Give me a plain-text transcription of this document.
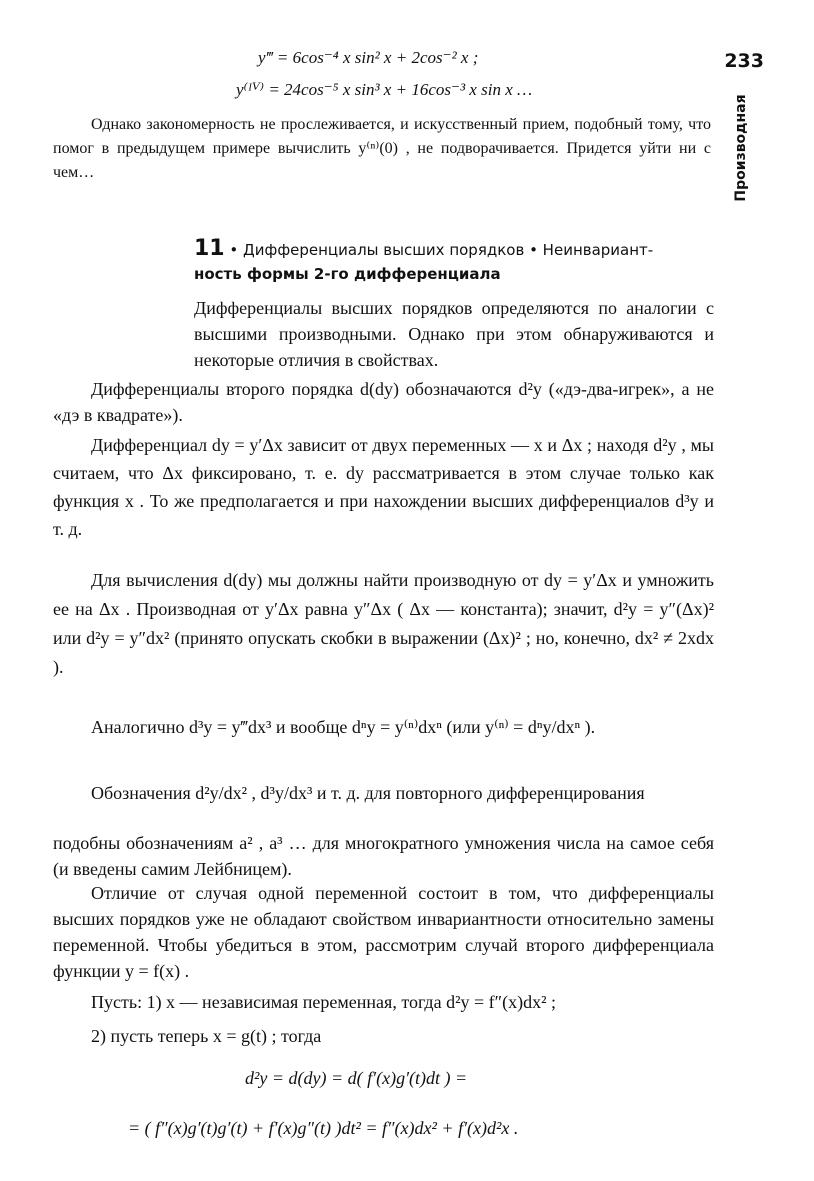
233
Производная
y‴ = 6cos⁻⁴ x sin² x + 2cos⁻² x ;
y⁽ᴵⱽ⁾ = 24cos⁻⁵ x sin³ x + 16cos⁻³ x sin x …
Однако закономерность не прослеживается, и искусственный прием, подобный тому, что помог в предыдущем примере вычислить y⁽ⁿ⁾(0) , не подворачивается. Придется уйти ни с чем…
11 • Дифференциалы высших порядков • Неинвариант-
ность формы 2-го дифференциала
Дифференциалы высших порядков определяются по аналогии с высшими производными. Однако при этом обнаруживаются и некоторые отличия в свойствах.
Дифференциалы второго порядка d(dy) обозначаются d²y («дэ-два-игрек», а не «дэ в квадрате»).
Дифференциал dy = y′Δx зависит от двух переменных — x и Δx ; находя d²y , мы считаем, что Δx фиксировано, т. е. dy рассматривается в этом случае только как функция x . То же предполагается и при нахождении высших дифференциалов d³y и т. д.
Для вычисления d(dy) мы должны найти производную от dy = y′Δx и умножить ее на Δx . Производная от y′Δx равна y″Δx ( Δx — константа); значит, d²y = y″(Δx)² или d²y = y″dx² (принято опускать скобки в выражении (Δx)² ; но, конечно, dx² ≠ 2xdx ).
Аналогично d³y = y‴dx³ и вообще dⁿy = y⁽ⁿ⁾dxⁿ (или y⁽ⁿ⁾ = dⁿy/dxⁿ ).
Обозначения d²y/dx² , d³y/dx³ и т. д. для повторного дифференцирования
подобны обозначениям a² , a³ … для многократного умножения числа на самое себя (и введены самим Лейбницем).
Отличие от случая одной переменной состоит в том, что дифференциалы высших порядков уже не обладают свойством инвариантности относительно замены переменной. Чтобы убедиться в этом, рассмотрим случай второго дифференциала функции y = f(x) .
Пусть: 1) x — независимая переменная, тогда d²y = f″(x)dx² ;
2) пусть теперь x = g(t) ; тогда
d²y = d(dy) = d( f′(x)g′(t)dt ) =
= ( f″(x)g′(t)g′(t) + f′(x)g″(t) )dt² = f″(x)dx² + f′(x)d²x .
